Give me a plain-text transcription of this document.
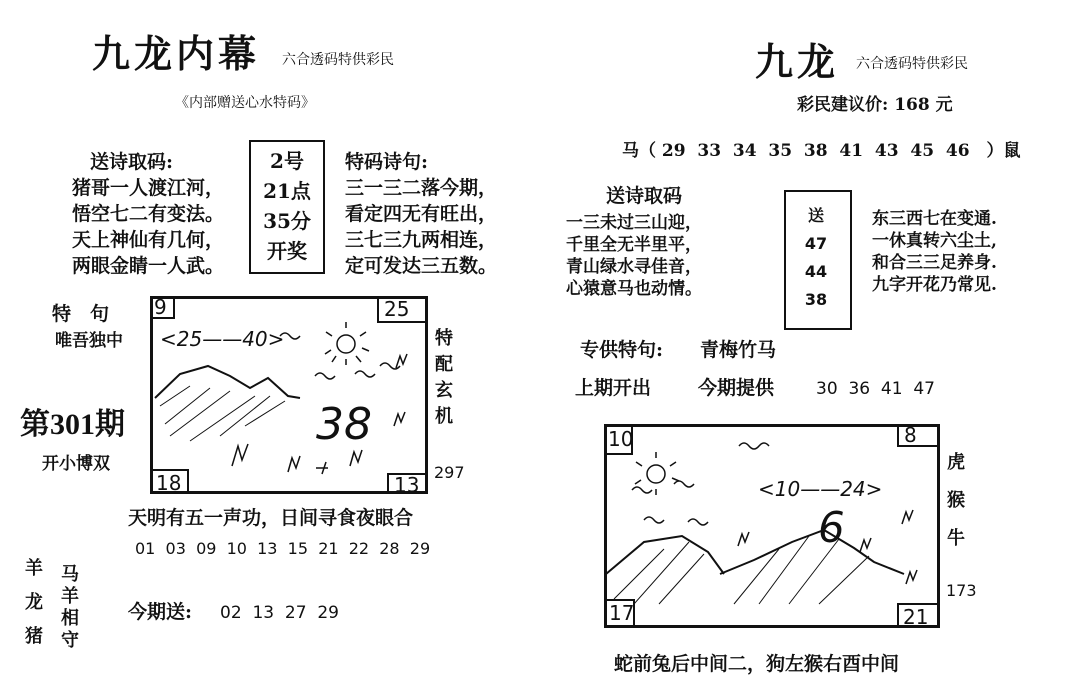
九龙内幕 六合透码特供彩民
《内部赠送心水特码》
送诗取码:
猪哥一人渡江河，
悟空七二有变法。
天上神仙有几何，
两眼金睛一人武。
2号
21点
35分
开奖
特码诗句:
三一三二落今期，
看定四无有旺出，
三七三九两相连，
定可发达三五数。
特　句
唯吾独中
第301期
开小博双
9	25
18	13
<25——40>
38
特
配
玄
机
297
天明有五一声功，日间寻食夜眼合
01  03  09  10  13  15  21  22  28  29
羊
龙
猪
马
羊
相
守
今期送: 02  13  27  29
九龙 六合透码特供彩民
彩民建议价: 168 元
马（ 29  33  34  35  38  41  43  45  46　）鼠
送诗取码
一三未过三山迎，
千里全无半里平，
青山绿水寻佳音，
心猿意马也动情。
送
47
44
38
东三西七在变通.
一休真转六尘土,
和合三三足养身.
九字开花乃常见.
专供特句: 青梅竹马
上期开出 今期提供 30  36  41  47
10	8
17	21
<10——24>
6
虎
猴
牛
173
蛇前兔后中间二，狗左猴右酉中间
